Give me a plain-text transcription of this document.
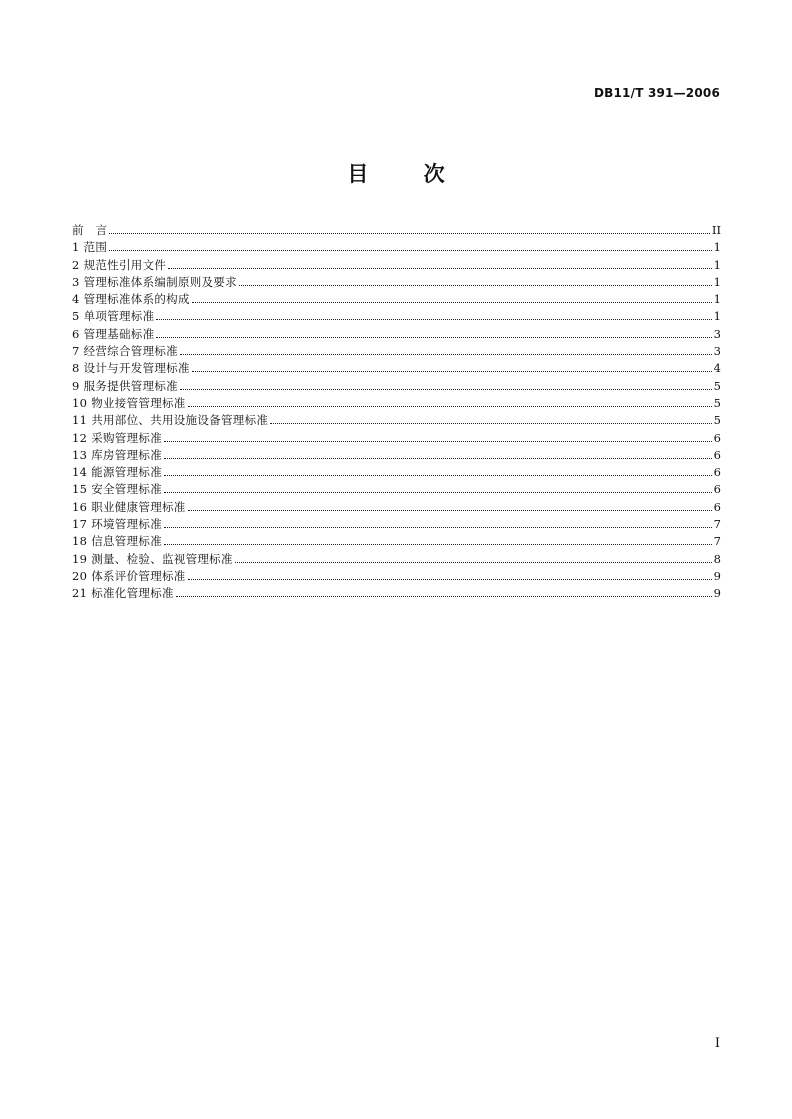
DB11/T 391—2006
目 次
前　言	II
1 范围	1
2 规范性引用文件	1
3 管理标准体系编制原则及要求	1
4 管理标准体系的构成	1
5 单项管理标准	1
6 管理基础标准	3
7 经营综合管理标准	3
8 设计与开发管理标准	4
9 服务提供管理标准	5
10 物业接管管理标准	5
11 共用部位、共用设施设备管理标准	5
12 采购管理标准	6
13 库房管理标准	6
14 能源管理标准	6
15 安全管理标准	6
16 职业健康管理标准	6
17 环境管理标准	7
18 信息管理标准	7
19 测量、检验、监视管理标准	8
20 体系评价管理标准	9
21 标准化管理标准	9
I
